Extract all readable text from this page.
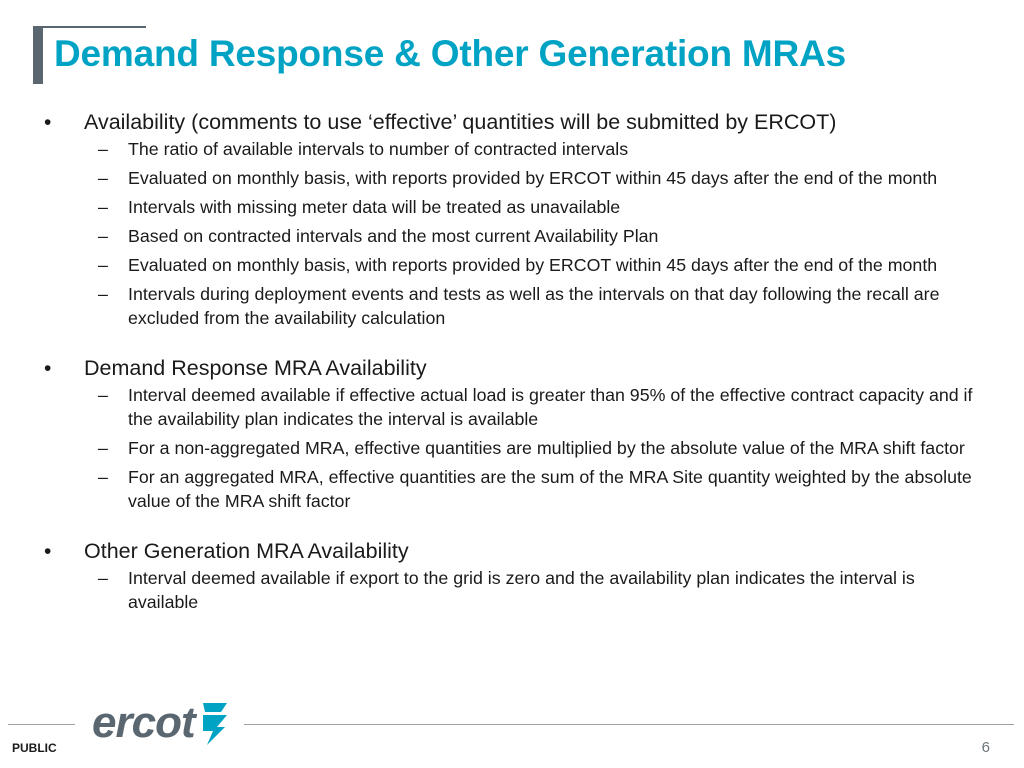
Demand Response & Other Generation MRAs
• Availability (comments to use ‘effective’ quantities will be submitted by ERCOT)
– The ratio of available intervals to number of contracted intervals
– Evaluated on monthly basis, with reports provided by ERCOT within 45 days after the end of the month
– Intervals with missing meter data will be treated as unavailable
– Based on contracted intervals and the most current Availability Plan
– Evaluated on monthly basis, with reports provided by ERCOT within 45 days after the end of the month
– Intervals during deployment events and tests as well as the intervals on that day following the recall are excluded from the availability calculation
• Demand Response MRA Availability
– Interval deemed available if effective actual load is greater than 95% of the effective contract capacity and if the availability plan indicates the interval is available
– For a non-aggregated MRA, effective quantities are multiplied by the absolute value of the MRA shift factor
– For an aggregated MRA, effective quantities are the sum of the MRA Site quantity weighted by the absolute value of the MRA shift factor
• Other Generation MRA Availability
– Interval deemed available if export to the grid is zero and the availability plan indicates the interval is available
ercot
PUBLIC	6
